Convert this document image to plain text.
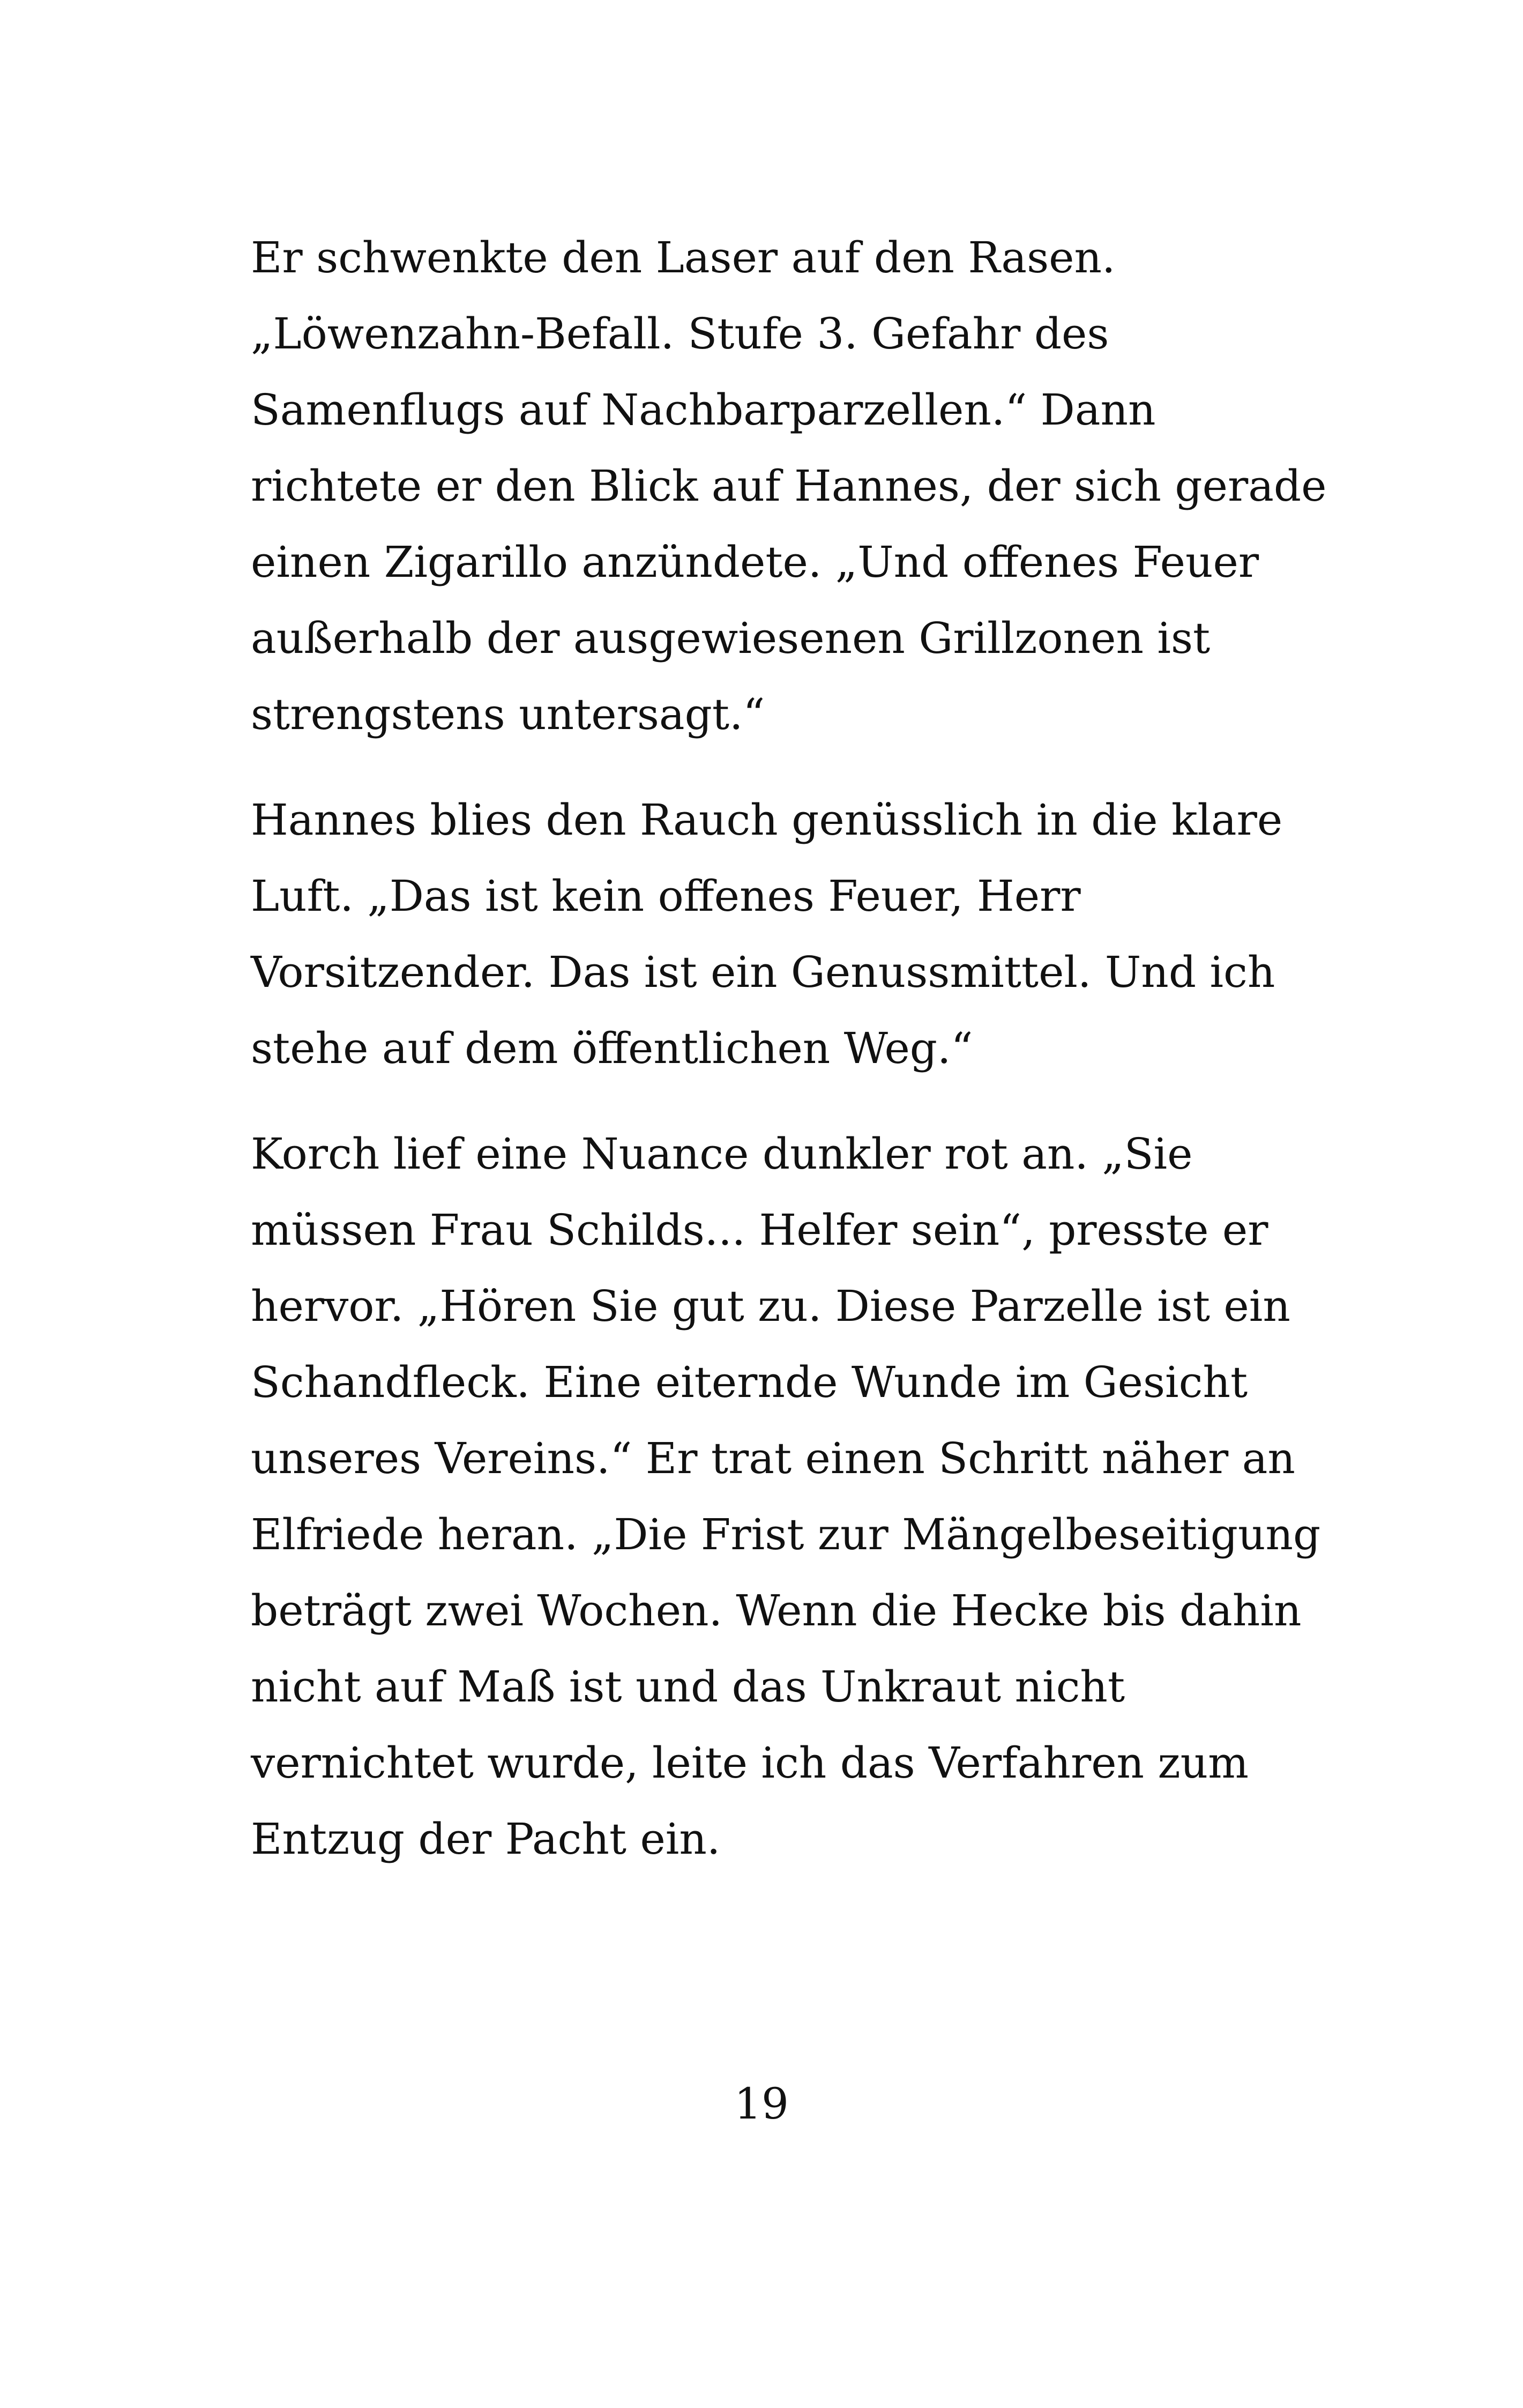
Er schwenkte den Laser auf den Rasen.
„Löwenzahn-Befall. Stufe 3. Gefahr des
Samenflugs auf Nachbarparzellen.“ Dann
richtete er den Blick auf Hannes, der sich gerade
einen Zigarillo anzündete. „Und offenes Feuer
außerhalb der ausgewiesenen Grillzonen ist
strengstens untersagt.“

Hannes blies den Rauch genüsslich in die klare
Luft. „Das ist kein offenes Feuer, Herr
Vorsitzender. Das ist ein Genussmittel. Und ich
stehe auf dem öffentlichen Weg.“

Korch lief eine Nuance dunkler rot an. „Sie
müssen Frau Schilds... Helfer sein“, presste er
hervor. „Hören Sie gut zu. Diese Parzelle ist ein
Schandfleck. Eine eiternde Wunde im Gesicht
unseres Vereins.“ Er trat einen Schritt näher an
Elfriede heran. „Die Frist zur Mängelbeseitigung
beträgt zwei Wochen. Wenn die Hecke bis dahin
nicht auf Maß ist und das Unkraut nicht
vernichtet wurde, leite ich das Verfahren zum
Entzug der Pacht ein.

19
